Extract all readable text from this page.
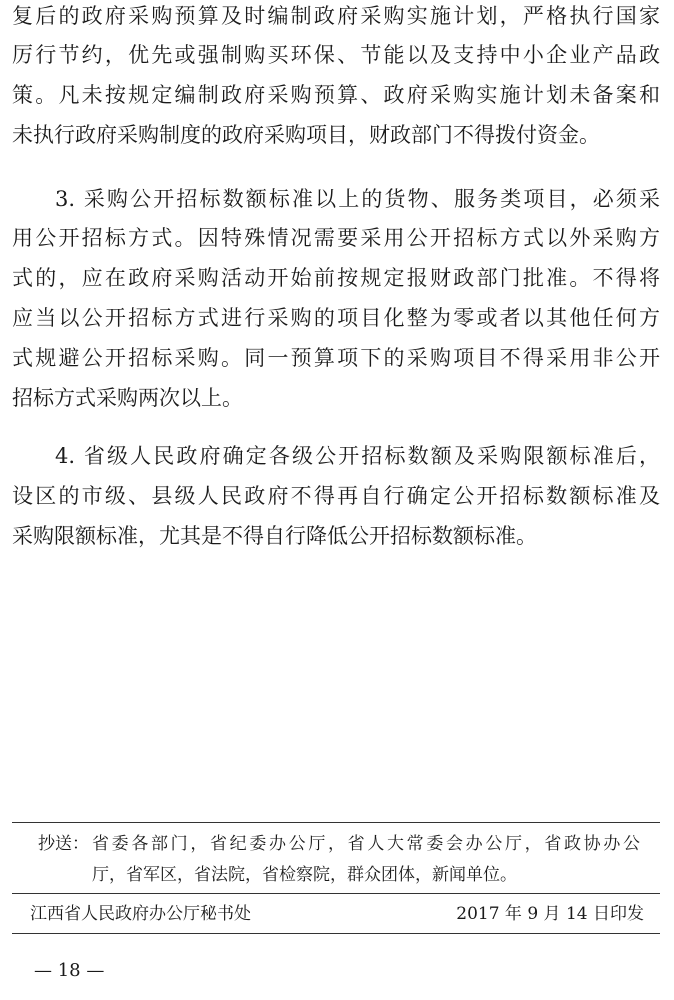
复后的政府采购预算及时编制政府采购实施计划，严格执行国家
厉行节约，优先或强制购买环保、节能以及支持中小企业产品政
策。凡未按规定编制政府采购预算、政府采购实施计划未备案和
未执行政府采购制度的政府采购项目，财政部门不得拨付资金。
3. 采购公开招标数额标准以上的货物、服务类项目，必须采
用公开招标方式。因特殊情况需要采用公开招标方式以外采购方
式的，应在政府采购活动开始前按规定报财政部门批准。不得将
应当以公开招标方式进行采购的项目化整为零或者以其他任何方
式规避公开招标采购。同一预算项下的采购项目不得采用非公开
招标方式采购两次以上。
4. 省级人民政府确定各级公开招标数额及采购限额标准后，
设区的市级、县级人民政府不得再自行确定公开招标数额标准及
采购限额标准，尤其是不得自行降低公开招标数额标准。
抄送： 省委各部门，省纪委办公厅，省人大常委会办公厅，省政协办公
厅，省军区，省法院，省检察院，群众团体，新闻单位。
江西省人民政府办公厅秘书处	2017 年 9 月 14 日印发
— 18 —
